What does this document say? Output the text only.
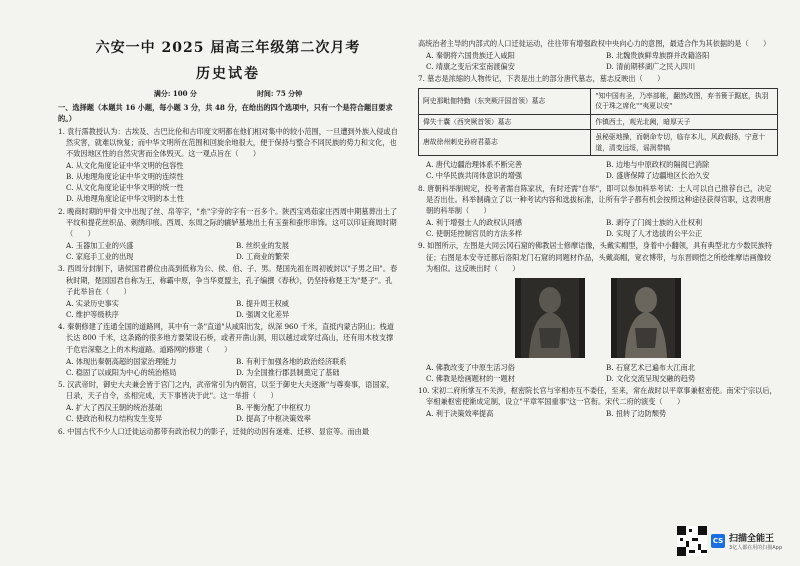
六安一中 2025 届高三年级第二次月考
历史试卷
满分: 100 分	时间: 75 分钟
一、选择题（本题共 16 小题，每小题 3 分，共 48 分，在给出的四个选项中，只有一个是符合题目要求的。）
1. 袁行霈教授认为：古埃及、古巴比伦和古印度文明都在他们相对集中的较小范围，一旦遭到外族入侵或自然灾害，就难以恢复；而中华文明所在范围和回旋余地很大，便于保持与整合不同民族的势力和文化，也不致因地区性的自然灾害而全体毁灭。这一观点旨在（　　）
A. 从文化角度论证中华文明的包容性
B. 从地理角度论证中华文明的连续性
C. 从文化角度论证中华文明的统一性
D. 从地理角度论证中华文明的本土性
2. 晚商时期的甲骨文中出现了丝、帛等字，"糸"字旁的字有一百多个。陕西宝鸡茹家庄西周中期墓葬出土了平纹和提花丝织品、刺绣印痕。西周、东周之际的辘轳墓地出土有玉蚕和蚕形串饰。这可以印证商周时期（　　）
A. 玉器加工业的兴盛	B. 丝织业的发展
C. 家庭手工业的出现	D. 工商业的繁荣
3. 西周分封制下，诸侯国君爵位由高到低称为公、侯、伯、子、男。楚国先祖在周初被封以"子男之田"。春秋时期，楚国国君自称为王，称霸中原，争当华夏盟主，孔子编撰《春秋》，仍坚持称楚王为"楚子"。孔子此举旨在（　　）
A. 实录历史事实	B. 提升周王权威
C. 维护等级秩序	D. 强调文化差异
4. 秦朝修建了连通全国的道路网，其中有一条"直道"从咸阳出发，纵深 960 千米，直抵内蒙古阴山；栈道长达 800 千米，这条路的很多地方要架设石桥，或者开凿山洞，用以越过或穿过高山，还有用木枝支撑于危岩深壑之上的木构道路。道路网的修建（　　）
A. 体现出秦朝高超的国家治理能力	B. 有利于加强各地的政治经济联系
C. 稳固了以咸阳为中心的统治格局	D. 为全国推行郡县制奠定了基础
5. 汉武帝时，御史大夫兼会皆于宫门之内，武帝常引为内朝官，以至于御史大夫逐渐"与尊奏事，语国家，日录，天子自令，丞相完成，天下事皆决于此"。这一举措（　　）
A. 扩大了西汉王朝的统治基础	B. 平衡分配了中枢权力
C. 使政治和权力结构发生变异	D. 提高了中枢决策效率
6. 中国古代不少人口迁徙运动都带有政治权力的影子，迁徙的动因有迷难、迁移、显宦等。而由最
高统治者主导的内部式的人口迁徙运动，往往带有增强政权中央向心力的意图，最适合作为其依据的是（　　）
A. 秦朝将六国贵族迁入咸阳	B. 北魏贵族鲜卑族群并改籍洛阳
C. 靖康之变后宋室南渡偏安	D. 清前期移湖广之民入四川
7. 墓志是浓缩的人物传记，下表是出土的部分唐代墓志，墓志反映出（　　）
阿史那毗伽特勤（东突厥汗国首领）墓志	"知中国有圣，乃率部帐，翻然改图，弃书篑于踞底，执羽仪于珠之席化""夷夏以安"
偉失十囊（西突厥首领）墓志	作镇西土，观光北阙，暗厚天子
唐故徐州刺史孙府君墓志	虽秘驱地操，而朝命专切，临存本儿，风政载扬，宁意十道，清变远绥，谣润带犒
A. 唐代边疆治理体系不断完善	B. 边地与中原政权的隔阂已消除
C. 中华民族共同体意识的增强	D. 盛唐保障了边疆地区长治久安
8. 唐朝科举制规定，投考者需自陈家状，有时还需"自举"，即可以参加科举考试：士人可以自己推荐自己，决定是否出仕。科举制确立了以一种考试内容和选拔标准，让所有学子都有机会按照这种途径获得官职，这表明唐朝的科举制（　　）
A. 利于增强士人的政权认同感	B. 剥夺了门阀士族的入仕权利
C. 使朝廷控制官员的方法多样	D. 实现了人才选拔的公平公正
9. 如图所示，左图是大同云冈石窟的佛教居士修摩诘像，头戴实帽型，身着中小翻领，具有典型北方少数民族特征；右图是本安寺迁都后洛阳龙门石窟的同题材作品，头戴高帽，宽衣博带，与东晋顾恺之所绘维摩诘画像较为相似。这反映出时（　　）
A. 佛教改变了中原生活习俗	B. 石窟艺术已遍布大江南北
C. 佛教是绘画题材的一题材	D. 文化交流呈现交融的趋势
10. 宋初二府所掌互不关涉，枢密院长官与宰相亦互不委任，至来，常在战时以平章事兼枢密使。南宋宁宗以后，宰相兼枢密使渐成定制，设立"平章军国重事"这一官衔。宋代二府的演变（　　）
A. 利于决策效率提高	B. 扭转了边防颓势
CS 扫描全能王
3亿人都在用的扫描App
